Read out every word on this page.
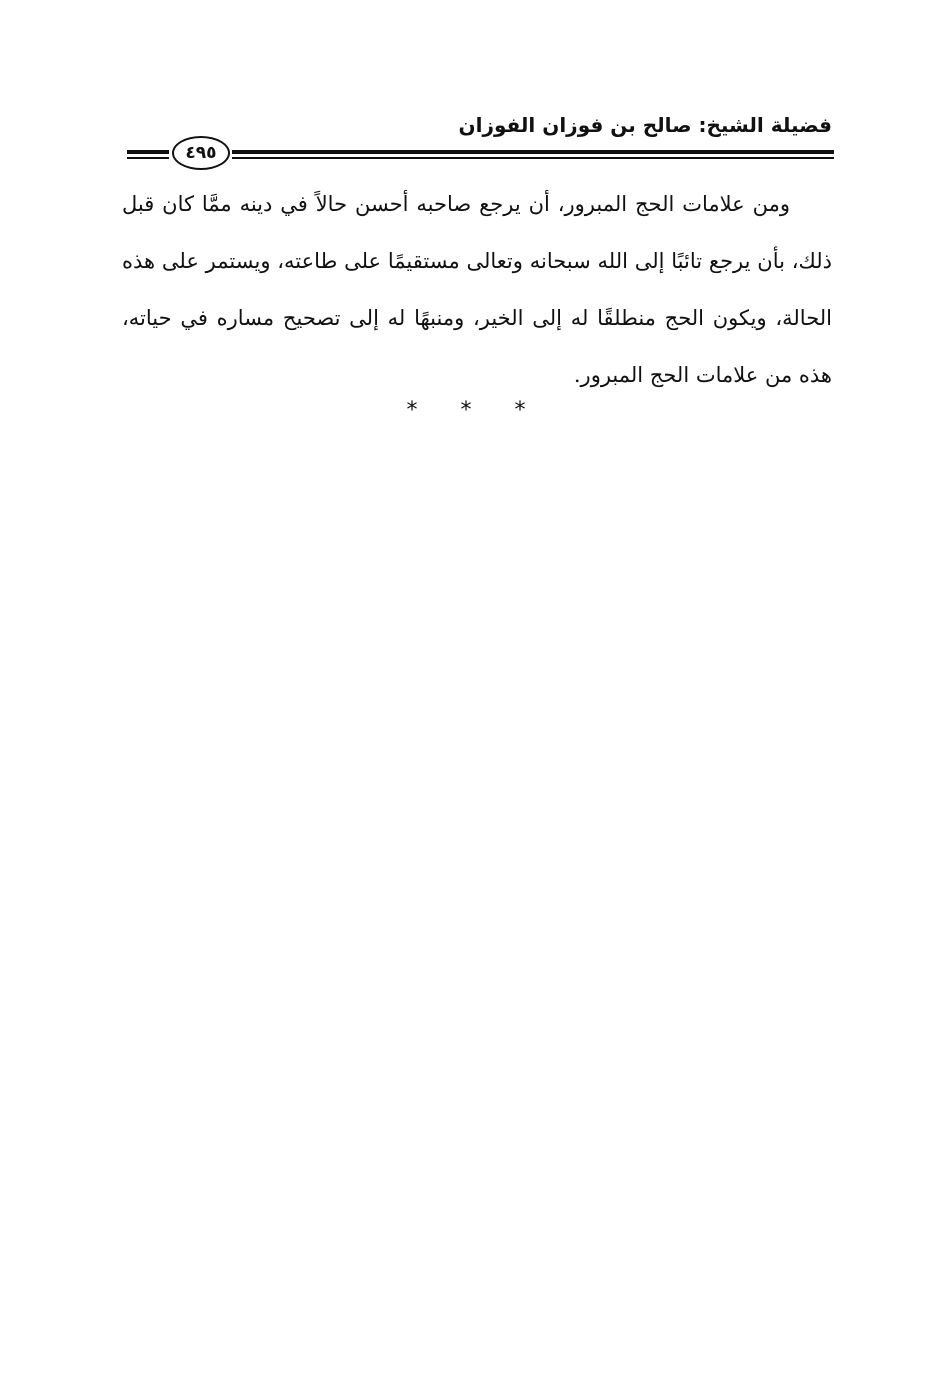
فضيلة الشيخ: صالح بن فوزان الفوزان
٤٩٥

ومن علامات الحج المبرور، أن يرجع صاحبه أحسن حالاً في دينه ممَّا كان قبل ذلك، بأن يرجع تائبًا إلى الله سبحانه وتعالى مستقيمًا على طاعته، ويستمر على هذه الحالة، ويكون الحج منطلقًا له إلى الخير، ومنبهًا له إلى تصحيح مساره في حياته، هذه من علامات الحج المبرور.

* * *
